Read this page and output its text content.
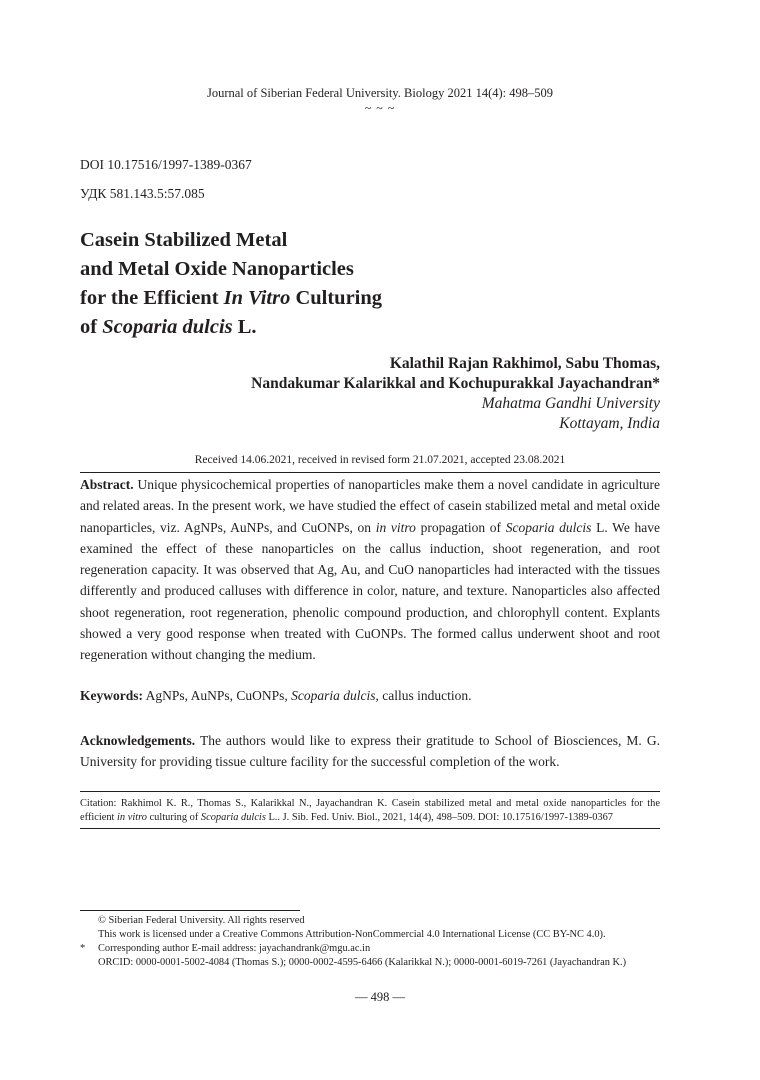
Journal of Siberian Federal University. Biology 2021 14(4): 498–509
~ ~ ~
DOI 10.17516/1997-1389-0367
УДК 581.143.5:57.085
Casein Stabilized Metal
and Metal Oxide Nanoparticles
for the Efficient In Vitro Culturing
of Scoparia dulcis L.
Kalathil Rajan Rakhimol, Sabu Thomas,
Nandakumar Kalarikkal and Kochupurakkal Jayachandran*
Mahatma Gandhi University
Kottayam, India
Received 14.06.2021, received in revised form 21.07.2021, accepted 23.08.2021
Abstract. Unique physicochemical properties of nanoparticles make them a novel candidate in agriculture and related areas. In the present work, we have studied the effect of casein stabilized metal and metal oxide nanoparticles, viz. AgNPs, AuNPs, and CuONPs, on in vitro propagation of Scoparia dulcis L. We have examined the effect of these nanoparticles on the callus induction, shoot regeneration, and root regeneration capacity. It was observed that Ag, Au, and CuO nanoparticles had interacted with the tissues differently and produced calluses with difference in color, nature, and texture. Nanoparticles also affected shoot regeneration, root regeneration, phenolic compound production, and chlorophyll content. Explants showed a very good response when treated with CuONPs. The formed callus underwent shoot and root regeneration without changing the medium.
Keywords: AgNPs, AuNPs, CuONPs, Scoparia dulcis, callus induction.
Acknowledgements. The authors would like to express their gratitude to School of Biosciences, M. G. University for providing tissue culture facility for the successful completion of the work.
Citation: Rakhimol K. R., Thomas S., Kalarikkal N., Jayachandran K. Casein stabilized metal and metal oxide nanoparticles for the efficient in vitro culturing of Scoparia dulcis L.. J. Sib. Fed. Univ. Biol., 2021, 14(4), 498–509. DOI: 10.17516/1997-1389-0367
© Siberian Federal University. All rights reserved
This work is licensed under a Creative Commons Attribution-NonCommercial 4.0 International License (CC BY-NC 4.0).
* Corresponding author E-mail address: jayachandrank@mgu.ac.in
ORCID: 0000-0001-5002-4084 (Thomas S.); 0000-0002-4595-6466 (Kalarikkal N.); 0000-0001-6019-7261 (Jayachandran K.)
— 498 —
